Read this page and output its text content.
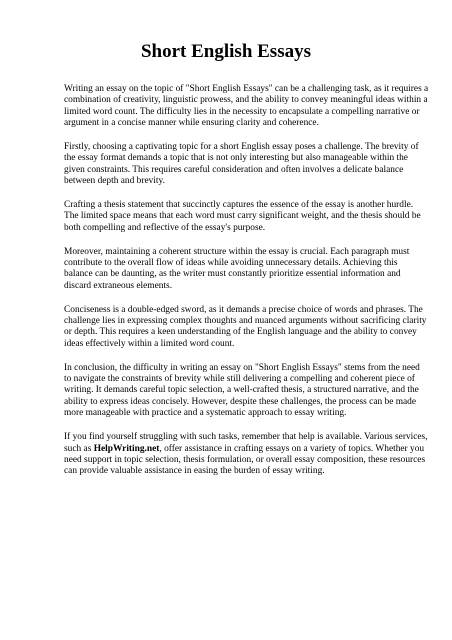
Short English Essays

Writing an essay on the topic of "Short English Essays" can be a challenging task, as it requires a
combination of creativity, linguistic prowess, and the ability to convey meaningful ideas within a
limited word count. The difficulty lies in the necessity to encapsulate a compelling narrative or
argument in a concise manner while ensuring clarity and coherence.

Firstly, choosing a captivating topic for a short English essay poses a challenge. The brevity of
the essay format demands a topic that is not only interesting but also manageable within the
given constraints. This requires careful consideration and often involves a delicate balance
between depth and brevity.

Crafting a thesis statement that succinctly captures the essence of the essay is another hurdle.
The limited space means that each word must carry significant weight, and the thesis should be
both compelling and reflective of the essay's purpose.

Moreover, maintaining a coherent structure within the essay is crucial. Each paragraph must
contribute to the overall flow of ideas while avoiding unnecessary details. Achieving this
balance can be daunting, as the writer must constantly prioritize essential information and
discard extraneous elements.

Conciseness is a double-edged sword, as it demands a precise choice of words and phrases. The
challenge lies in expressing complex thoughts and nuanced arguments without sacrificing clarity
or depth. This requires a keen understanding of the English language and the ability to convey
ideas effectively within a limited word count.

In conclusion, the difficulty in writing an essay on "Short English Essays" stems from the need
to navigate the constraints of brevity while still delivering a compelling and coherent piece of
writing. It demands careful topic selection, a well-crafted thesis, a structured narrative, and the
ability to express ideas concisely. However, despite these challenges, the process can be made
more manageable with practice and a systematic approach to essay writing.

If you find yourself struggling with such tasks, remember that help is available. Various services,
such as HelpWriting.net, offer assistance in crafting essays on a variety of topics. Whether you
need support in topic selection, thesis formulation, or overall essay composition, these resources
can provide valuable assistance in easing the burden of essay writing.
